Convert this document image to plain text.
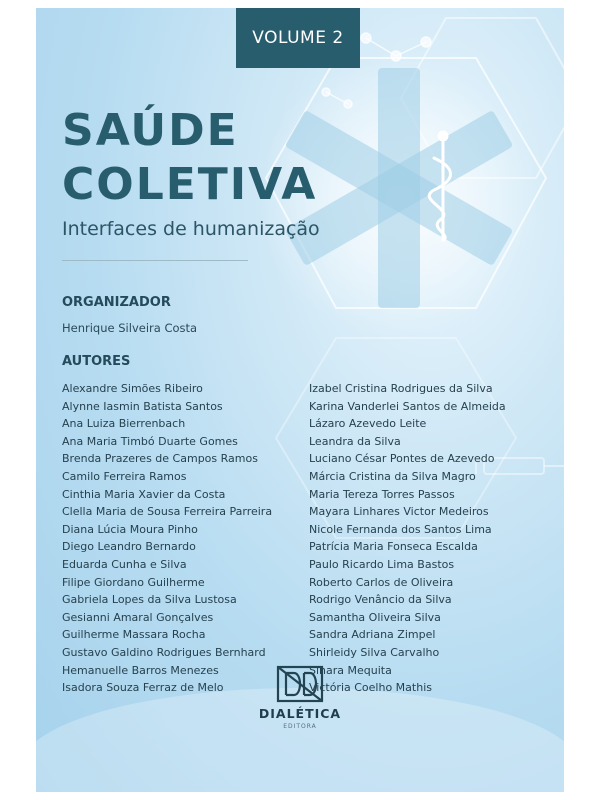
VOLUME 2
SAÚDE
COLETIVA
Interfaces de humanização
ORGANIZADOR
Henrique Silveira Costa
AUTORES
Alexandre Simões Ribeiro
Alynne Iasmin Batista Santos
Ana Luiza Bierrenbach
Ana Maria Timbó Duarte Gomes
Brenda Prazeres de Campos Ramos
Camilo Ferreira Ramos
Cinthia Maria Xavier da Costa
Clella Maria de Sousa Ferreira Parreira
Diana Lúcia Moura Pinho
Diego Leandro Bernardo
Eduarda Cunha e Silva
Filipe Giordano Guilherme
Gabriela Lopes da Silva Lustosa
Gesianni Amaral Gonçalves
Guilherme Massara Rocha
Gustavo Galdino Rodrigues Bernhard
Hemanuelle Barros Menezes
Isadora Souza Ferraz de Melo
Izabel Cristina Rodrigues da Silva
Karina Vanderlei Santos de Almeida
Lázaro Azevedo Leite
Leandra da Silva
Luciano César Pontes de Azevedo
Márcia Cristina da Silva Magro
Maria Tereza Torres Passos
Mayara Linhares Victor Medeiros
Nicole Fernanda dos Santos Lima
Patrícia Maria Fonseca Escalda
Paulo Ricardo Lima Bastos
Roberto Carlos de Oliveira
Rodrigo Venâncio da Silva
Samantha Oliveira Silva
Sandra Adriana Zimpel
Shirleidy Silva Carvalho
Sinara Mequita
Victória Coelho Mathis
DIALÉTICA
EDITORA
